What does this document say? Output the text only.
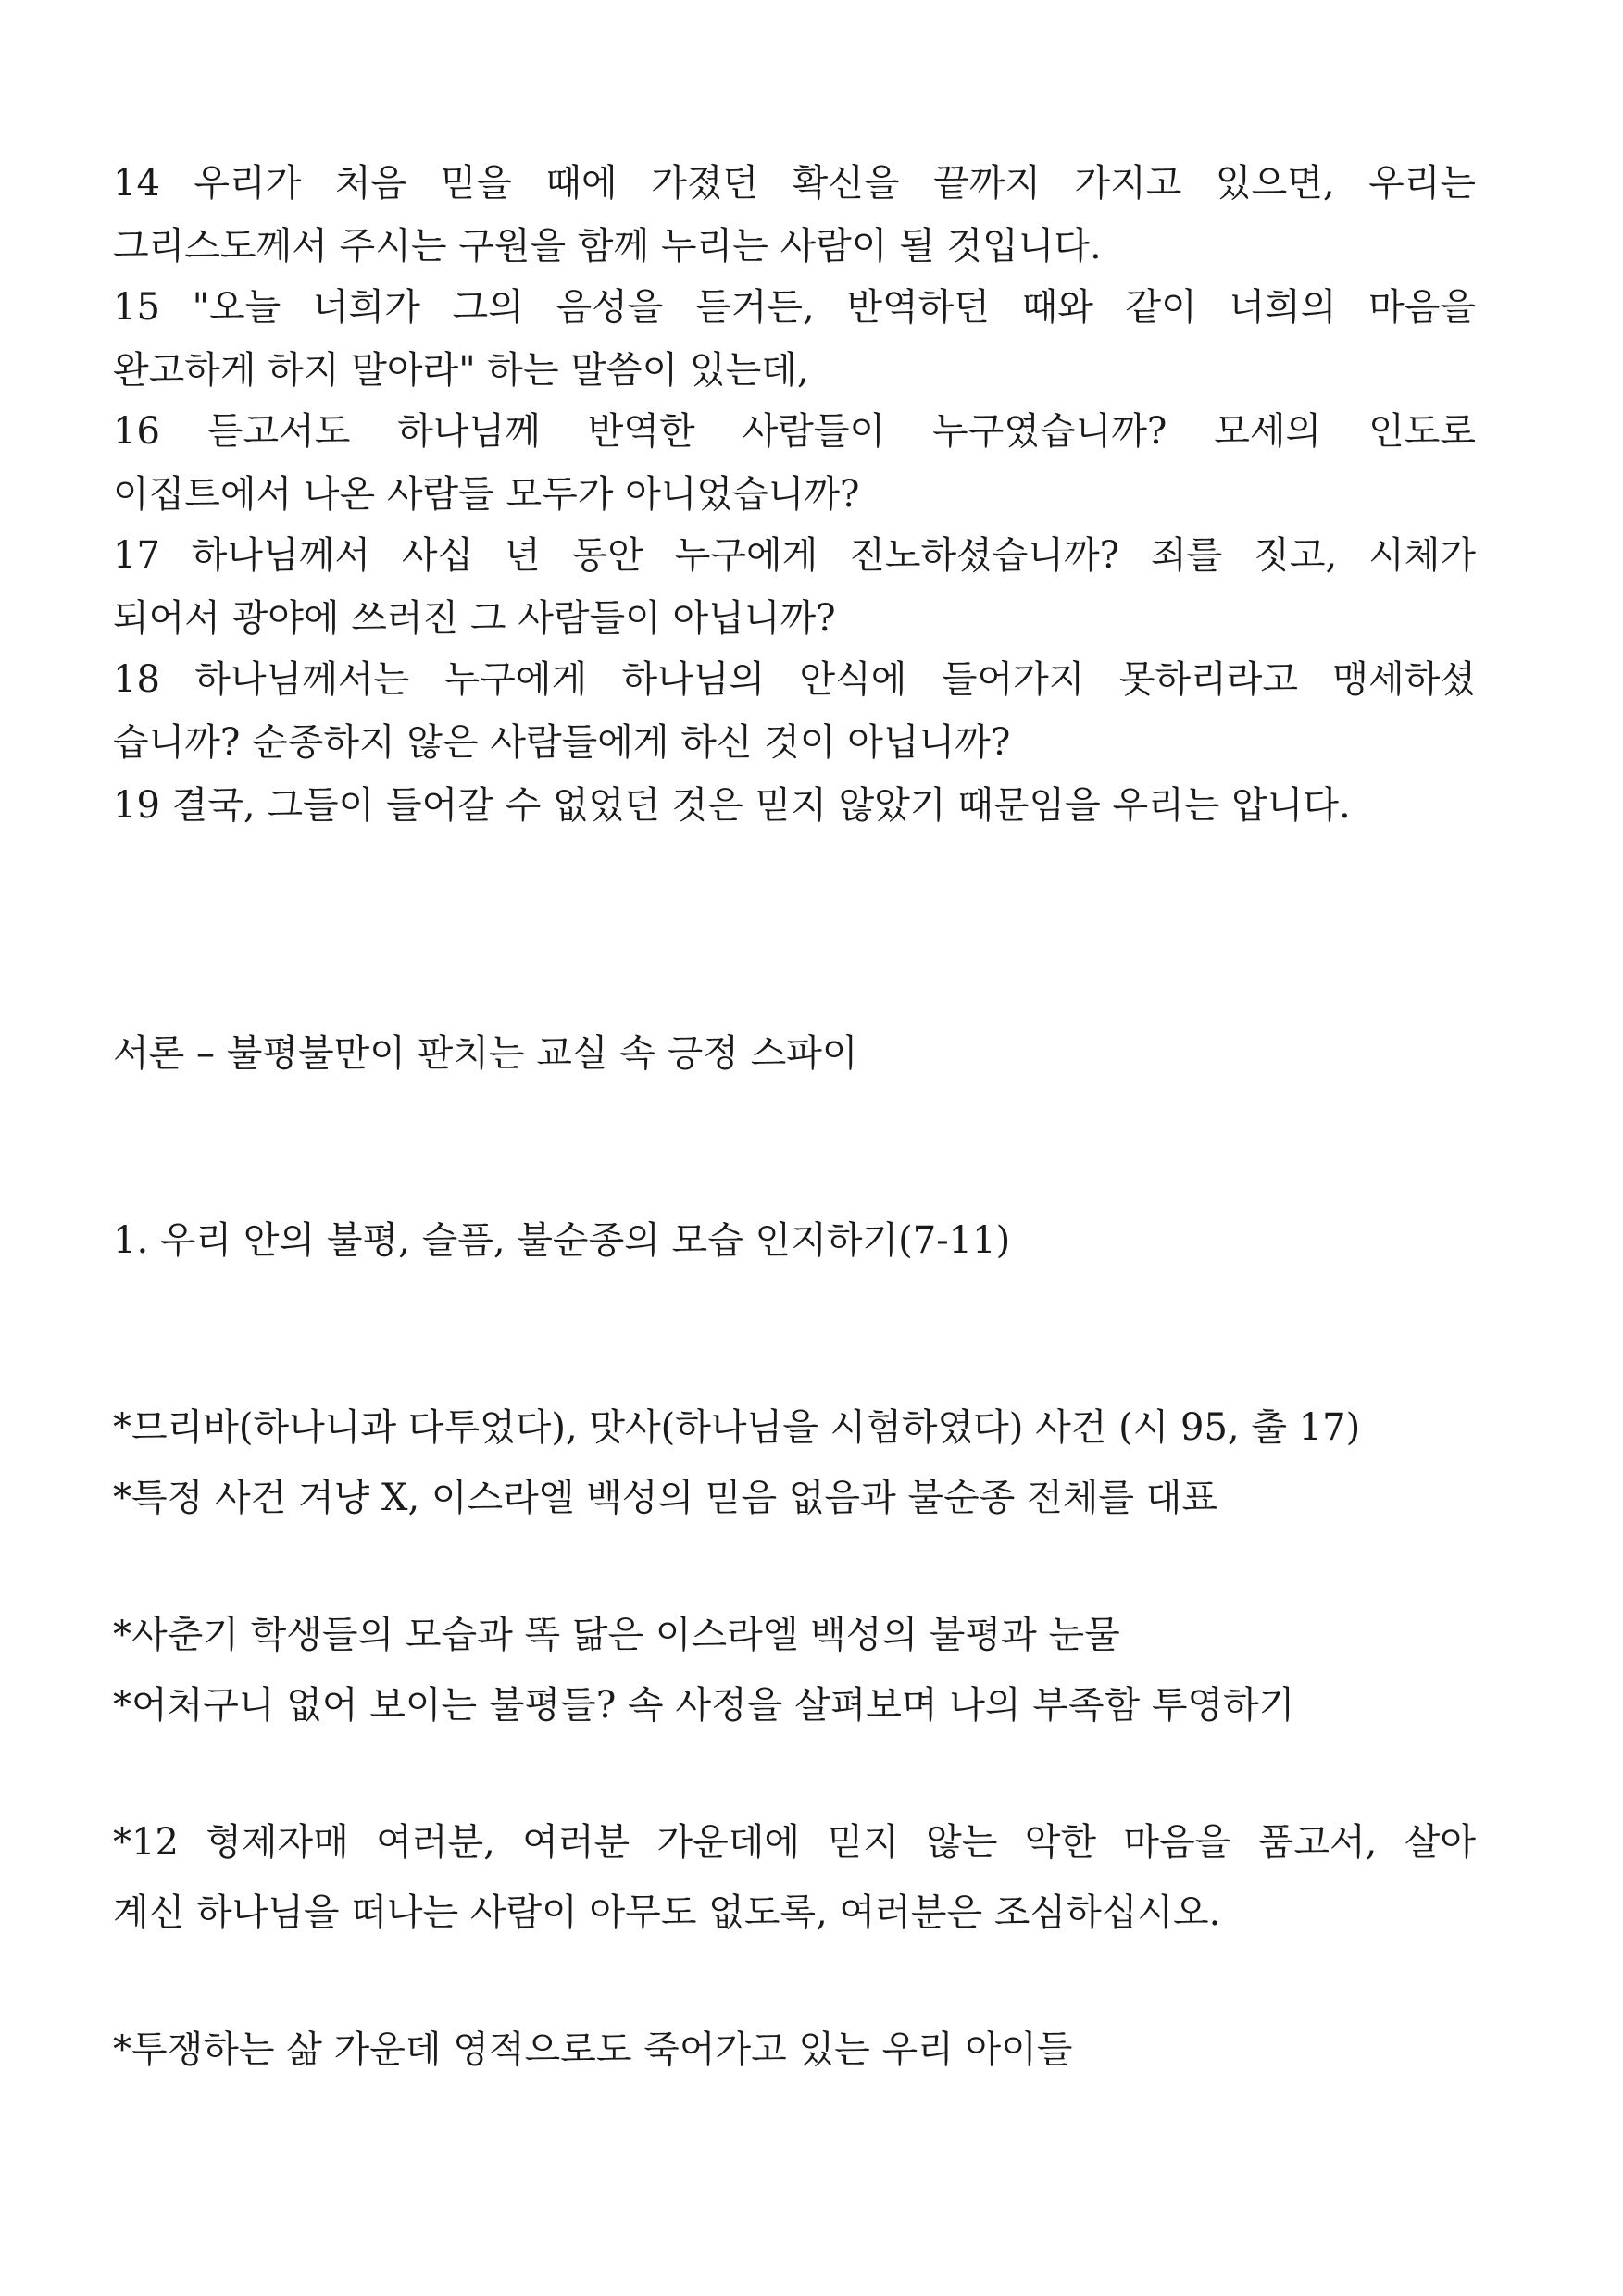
14 우리가 처음 믿을 때에 가졌던 확신을 끝까지 가지고 있으면, 우리는
그리스도께서 주시는 구원을 함께 누리는 사람이 될 것입니다.
15 "오늘 너희가 그의 음성을 듣거든, 반역하던 때와 같이 너희의 마음을
완고하게 하지 말아라" 하는 말씀이 있는데,
16 듣고서도 하나님께 반역한 사람들이 누구였습니까? 모세의 인도로
이집트에서 나온 사람들 모두가 아니었습니까?
17 하나님께서 사십 년 동안 누구에게 진노하셨습니까? 죄를 짓고, 시체가
되어서 광야에 쓰러진 그 사람들이 아닙니까?
18 하나님께서는 누구에게 하나님의 안식에 들어가지 못하리라고 맹세하셨
습니까? 순종하지 않은 사람들에게 하신 것이 아닙니까?
19 결국, 그들이 들어갈 수 없었던 것은 믿지 않았기 때문임을 우리는 압니다.
서론 – 불평불만이 판치는 교실 속 긍정 스파이
1. 우리 안의 불평, 슬픔, 불순종의 모습 인지하기(7-11)
*므리바(하나니과 다투었다), 맛사(하나님을 시험하였다) 사건 (시 95, 출 17)
*특정 사건 겨냥 X, 이스라엘 백성의 믿음 없음과 불순종 전체를 대표
*사춘기 학생들의 모습과 똑 닮은 이스라엘 백성의 불평과 눈물
*어처구니 없어 보이는 불평들? 속 사정을 살펴보며 나의 부족함 투영하기
*12 형제자매 여러분, 여러분 가운데에 믿지 않는 악한 마음을 품고서, 살아
계신 하나님을 떠나는 사람이 아무도 없도록, 여러분은 조심하십시오.
*투쟁하는 삶 가운데 영적으로도 죽어가고 있는 우리 아이들
